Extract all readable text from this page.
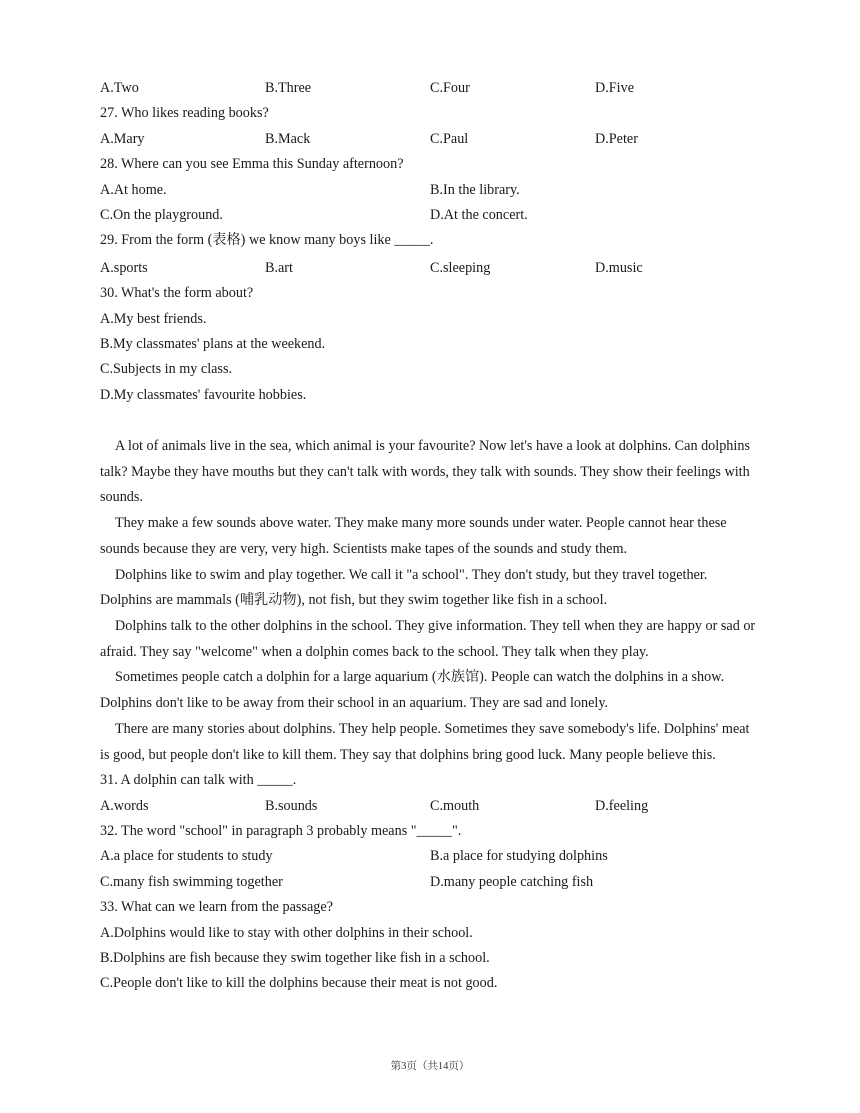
A.Two	B.Three	C.Four	D.Five
27. Who likes reading books?
A.Mary	B.Mack	C.Paul	D.Peter
28. Where can you see Emma this Sunday afternoon?
A.At home.	B.In the library.
C.On the playground.	D.At the concert.
29. From the form (表格) we know many boys like _____.
A.sports	B.art	C.sleeping	D.music
30. What's the form about?
A.My best friends.
B.My classmates' plans at the weekend.
C.Subjects in my class.
D.My classmates' favourite hobbies.
A lot of animals live in the sea, which animal is your favourite? Now let's have a look at dolphins. Can dolphins talk? Maybe they have mouths but they can't talk with words, they talk with sounds. They show their feelings with sounds.
They make a few sounds above water. They make many more sounds under water. People cannot hear these sounds because they are very, very high. Scientists make tapes of the sounds and study them.
Dolphins like to swim and play together. We call it "a school". They don't study, but they travel together. Dolphins are mammals (哺乳动物), not fish, but they swim together like fish in a school.
Dolphins talk to the other dolphins in the school. They give information. They tell when they are happy or sad or afraid. They say "welcome" when a dolphin comes back to the school. They talk when they play.
Sometimes people catch a dolphin for a large aquarium (水族馆). People can watch the dolphins in a show. Dolphins don't like to be away from their school in an aquarium. They are sad and lonely.
There are many stories about dolphins. They help people. Sometimes they save somebody's life. Dolphins' meat is good, but people don't like to kill them. They say that dolphins bring good luck. Many people believe this.
31. A dolphin can talk with _____.
A.words	B.sounds	C.mouth	D.feeling
32. The word "school" in paragraph 3 probably means "_____".
A.a place for students to study	B.a place for studying dolphins
C.many fish swimming together	D.many people catching fish
33. What can we learn from the passage?
A.Dolphins would like to stay with other dolphins in their school.
B.Dolphins are fish because they swim together like fish in a school.
C.People don't like to kill the dolphins because their meat is not good.
第3页（共14页）
